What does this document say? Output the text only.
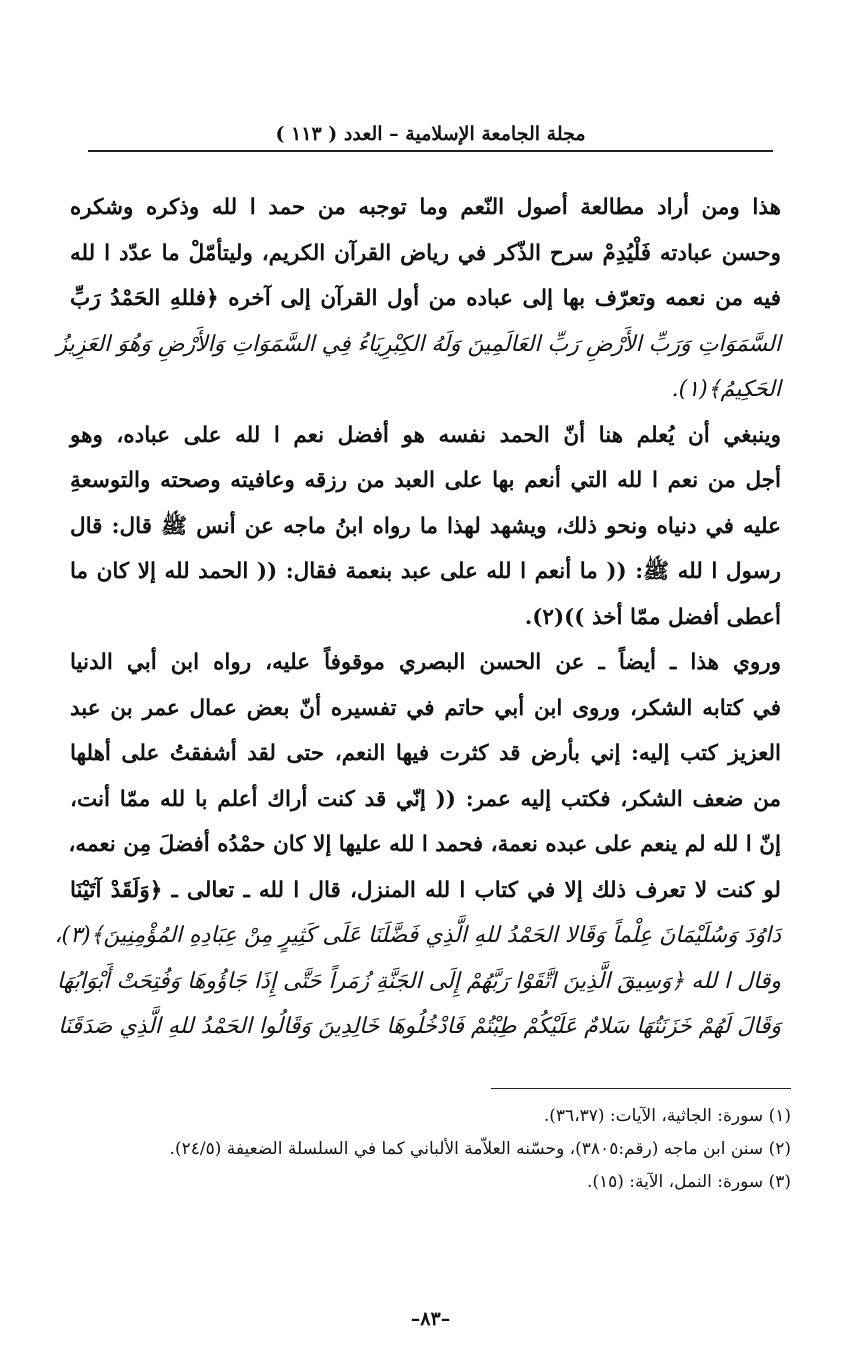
مجلة الجامعة الإسلامية – العدد ( ١١٣ )
هذا ومن أراد مطالعة أصول النّعم وما توجبه من حمد ا لله وذكره وشكره
وحسن عبادته فَلْيُدِمْ سرح الذّكر في رياض القرآن الكريم، وليتأمّلْ ما عدّد ا لله
فيه من نعمه وتعرّف بها إلى عباده من أول القرآن إلى آخره ﴿فللهِ الحَمْدُ رَبِّ
السَّمَوَاتِ وَرَبِّ الأَرْضِ رَبِّ العَالَمِينَ وَلَهُ الكِبْرِيَاءُ فِي السَّمَوَاتِ وَالأَرْضِ وَهُوَ العَزِيزُ
الحَكِيمُ﴾(١).
وينبغي أن يُعلم هنا أنّ الحمد نفسه هو أفضل نعم ا لله على عباده، وهو
أجل من نعم ا لله التي أنعم بها على العبد من رزقه وعافيته وصحته والتوسعةِ
عليه في دنياه ونحو ذلك، ويشهد لهذا ما رواه ابنُ ماجه عن أنس ﷺ قال: قال
رسول ا لله ﷺ: (( ما أنعم ا لله على عبد بنعمة فقال: (( الحمد لله إلا كان ما
أعطى أفضل ممّا أخذ ))(٢).
وروي هذا ـ أيضاً ـ عن الحسن البصري موقوفاً عليه، رواه ابن أبي الدنيا
في كتابه الشكر، وروى ابن أبي حاتم في تفسيره أنّ بعض عمال عمر بن عبد
العزيز كتب إليه: إني بأرض قد كثرت فيها النعم، حتى لقد أشفقتُ على أهلها
من ضعف الشكر، فكتب إليه عمر: (( إنّي قد كنت أراك أعلم با لله ممّا أنت،
إنّ ا لله لم ينعم على عبده نعمة، فحمد ا لله عليها إلا كان حمْدُه أفضلَ مِن نعمه،
لو كنت لا تعرف ذلك إلا في كتاب ا لله المنزل، قال ا لله ـ تعالى ـ ﴿وَلَقَدْ آتَيْنَا
دَاوُدَ وَسُلَيْمَانَ عِلْماً وَقَالا الحَمْدُ للهِ الَّذِي فَضَّلَنَا عَلَى كَثِيرٍ مِنْ عِبَادِهِ المُؤْمِنِينَ﴾(٣)،
وقال ا لله ﴿وَسِيقَ الَّذِينَ اتَّقَوْا رَبَّهُمْ إِلَى الجَنَّةِ زُمَراً حَتَّى إِذَا جَاؤُوهَا وَفُتِحَتْ أَبْوَابُهَا
وَقَالَ لَهُمْ خَزَنَتُهَا سَلامٌ عَلَيْكُمْ طِبْتُمْ فَادْخُلُوهَا خَالِدِينَ وَقَالُوا الحَمْدُ للهِ الَّذِي صَدَقَنَا
(١) سورة: الجاثية، الآيات: (٣٦،٣٧).
(٢) سنن ابن ماجه (رقم:٣٨٠٥)، وحسّنه العلاّمة الألباني كما في السلسلة الضعيفة (٢٤/٥).
(٣) سورة: النمل، الآية: (١٥).
–٨٣–
